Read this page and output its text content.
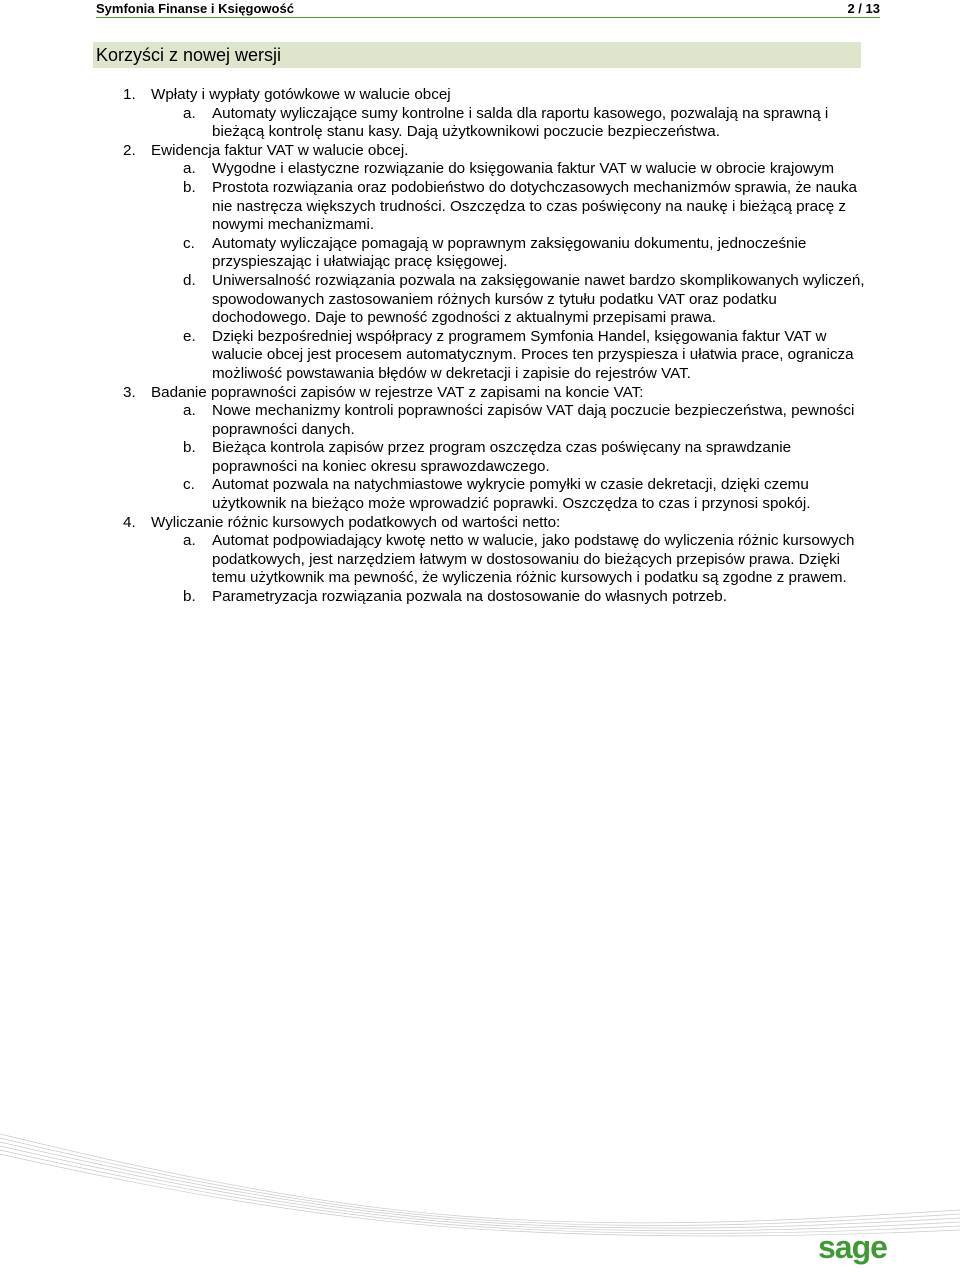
Symfonia Finanse i Księgowość	2 / 13
Korzyści z nowej wersji
1.	Wpłaty i wypłaty gotówkowe w walucie obcej
a.	Automaty wyliczające sumy kontrolne i salda dla raportu kasowego, pozwalają na sprawną i bieżącą kontrolę stanu kasy. Dają użytkownikowi poczucie bezpieczeństwa.
2.	Ewidencja faktur VAT w walucie obcej.
a.	Wygodne i elastyczne rozwiązanie do księgowania faktur VAT w walucie w obrocie krajowym
b.	Prostota rozwiązania oraz podobieństwo do dotychczasowych mechanizmów sprawia, że nauka nie nastręcza większych trudności. Oszczędza to czas poświęcony na naukę i bieżącą pracę z nowymi mechanizmami.
c.	Automaty wyliczające pomagają w poprawnym zaksięgowaniu dokumentu, jednocześnie przyspieszając i ułatwiając pracę księgowej.
d.	Uniwersalność rozwiązania pozwala na zaksięgowanie nawet bardzo skomplikowanych wyliczeń, spowodowanych zastosowaniem różnych kursów z tytułu podatku VAT oraz podatku dochodowego. Daje to pewność zgodności z aktualnymi przepisami prawa.
e.	Dzięki bezpośredniej współpracy z programem Symfonia Handel, księgowania faktur VAT w walucie obcej jest procesem automatycznym. Proces ten przyspiesza i ułatwia prace, ogranicza możliwość powstawania błędów w dekretacji i zapisie do rejestrów VAT.
3.	Badanie poprawności zapisów w rejestrze VAT z zapisami na koncie VAT:
a.	Nowe mechanizmy kontroli poprawności zapisów VAT dają poczucie bezpieczeństwa, pewności poprawności danych.
b.	Bieżąca kontrola zapisów przez program oszczędza czas poświęcany na sprawdzanie poprawności na koniec okresu sprawozdawczego.
c.	Automat pozwala na natychmiastowe wykrycie pomyłki w czasie dekretacji, dzięki czemu użytkownik na bieżąco może wprowadzić poprawki. Oszczędza to czas i przynosi spokój.
4.	Wyliczanie różnic kursowych podatkowych od wartości netto:
a.	Automat podpowiadający kwotę netto w walucie, jako podstawę do wyliczenia różnic kursowych podatkowych, jest narzędziem łatwym w dostosowaniu do bieżących przepisów prawa. Dzięki temu użytkownik ma pewność, że wyliczenia różnic kursowych i podatku są zgodne z prawem.
b.	Parametryzacja rozwiązania pozwala na dostosowanie do własnych potrzeb.
sage
